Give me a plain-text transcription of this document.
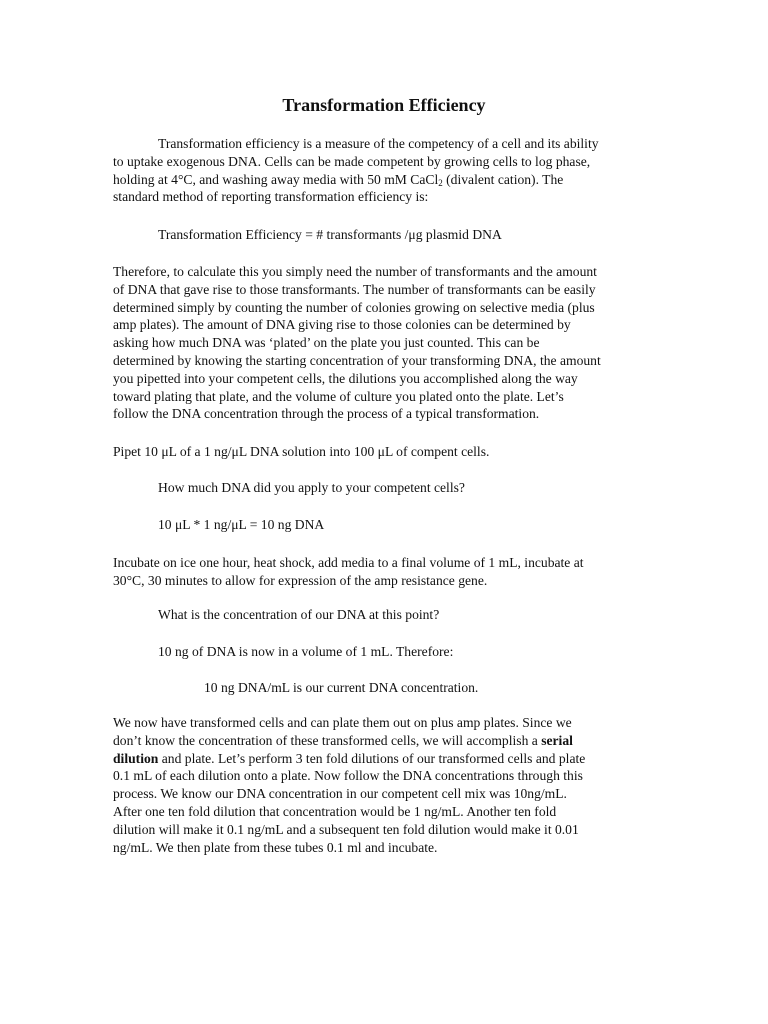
Transformation Efficiency
Transformation efficiency is a measure of the competency of a cell and its ability
to uptake exogenous DNA. Cells can be made competent by growing cells to log phase,
holding at 4°C, and washing away media with 50 mM CaCl$_2$ (divalent cation). The
standard method of reporting transformation efficiency is:
Transformation Efficiency = # transformants /μg plasmid DNA
Therefore, to calculate this you simply need the number of transformants and the amount
of DNA that gave rise to those transformants. The number of transformants can be easily
determined simply by counting the number of colonies growing on selective media (plus
amp plates). The amount of DNA giving rise to those colonies can be determined by
asking how much DNA was ‘plated’ on the plate you just counted. This can be
determined by knowing the starting concentration of your transforming DNA, the amount
you pipetted into your competent cells, the dilutions you accomplished along the way
toward plating that plate, and the volume of culture you plated onto the plate. Let’s
follow the DNA concentration through the process of a typical transformation.
Pipet 10 μL of a 1 ng/μL DNA solution into 100 μL of compent cells.
How much DNA did you apply to your competent cells?
10 μL * 1 ng/μL = 10 ng DNA
Incubate on ice one hour, heat shock, add media to a final volume of 1 mL, incubate at
30°C, 30 minutes to allow for expression of the amp resistance gene.
What is the concentration of our DNA at this point?
10 ng of DNA is now in a volume of 1 mL. Therefore:
10 ng DNA/mL is our current DNA concentration.
We now have transformed cells and can plate them out on plus amp plates. Since we
don’t know the concentration of these transformed cells, we will accomplish a serial
dilution and plate. Let’s perform 3 ten fold dilutions of our transformed cells and plate
0.1 mL of each dilution onto a plate. Now follow the DNA concentrations through this
process. We know our DNA concentration in our competent cell mix was 10ng/mL.
After one ten fold dilution that concentration would be 1 ng/mL. Another ten fold
dilution will make it 0.1 ng/mL and a subsequent ten fold dilution would make it 0.01
ng/mL. We then plate from these tubes 0.1 ml and incubate.
